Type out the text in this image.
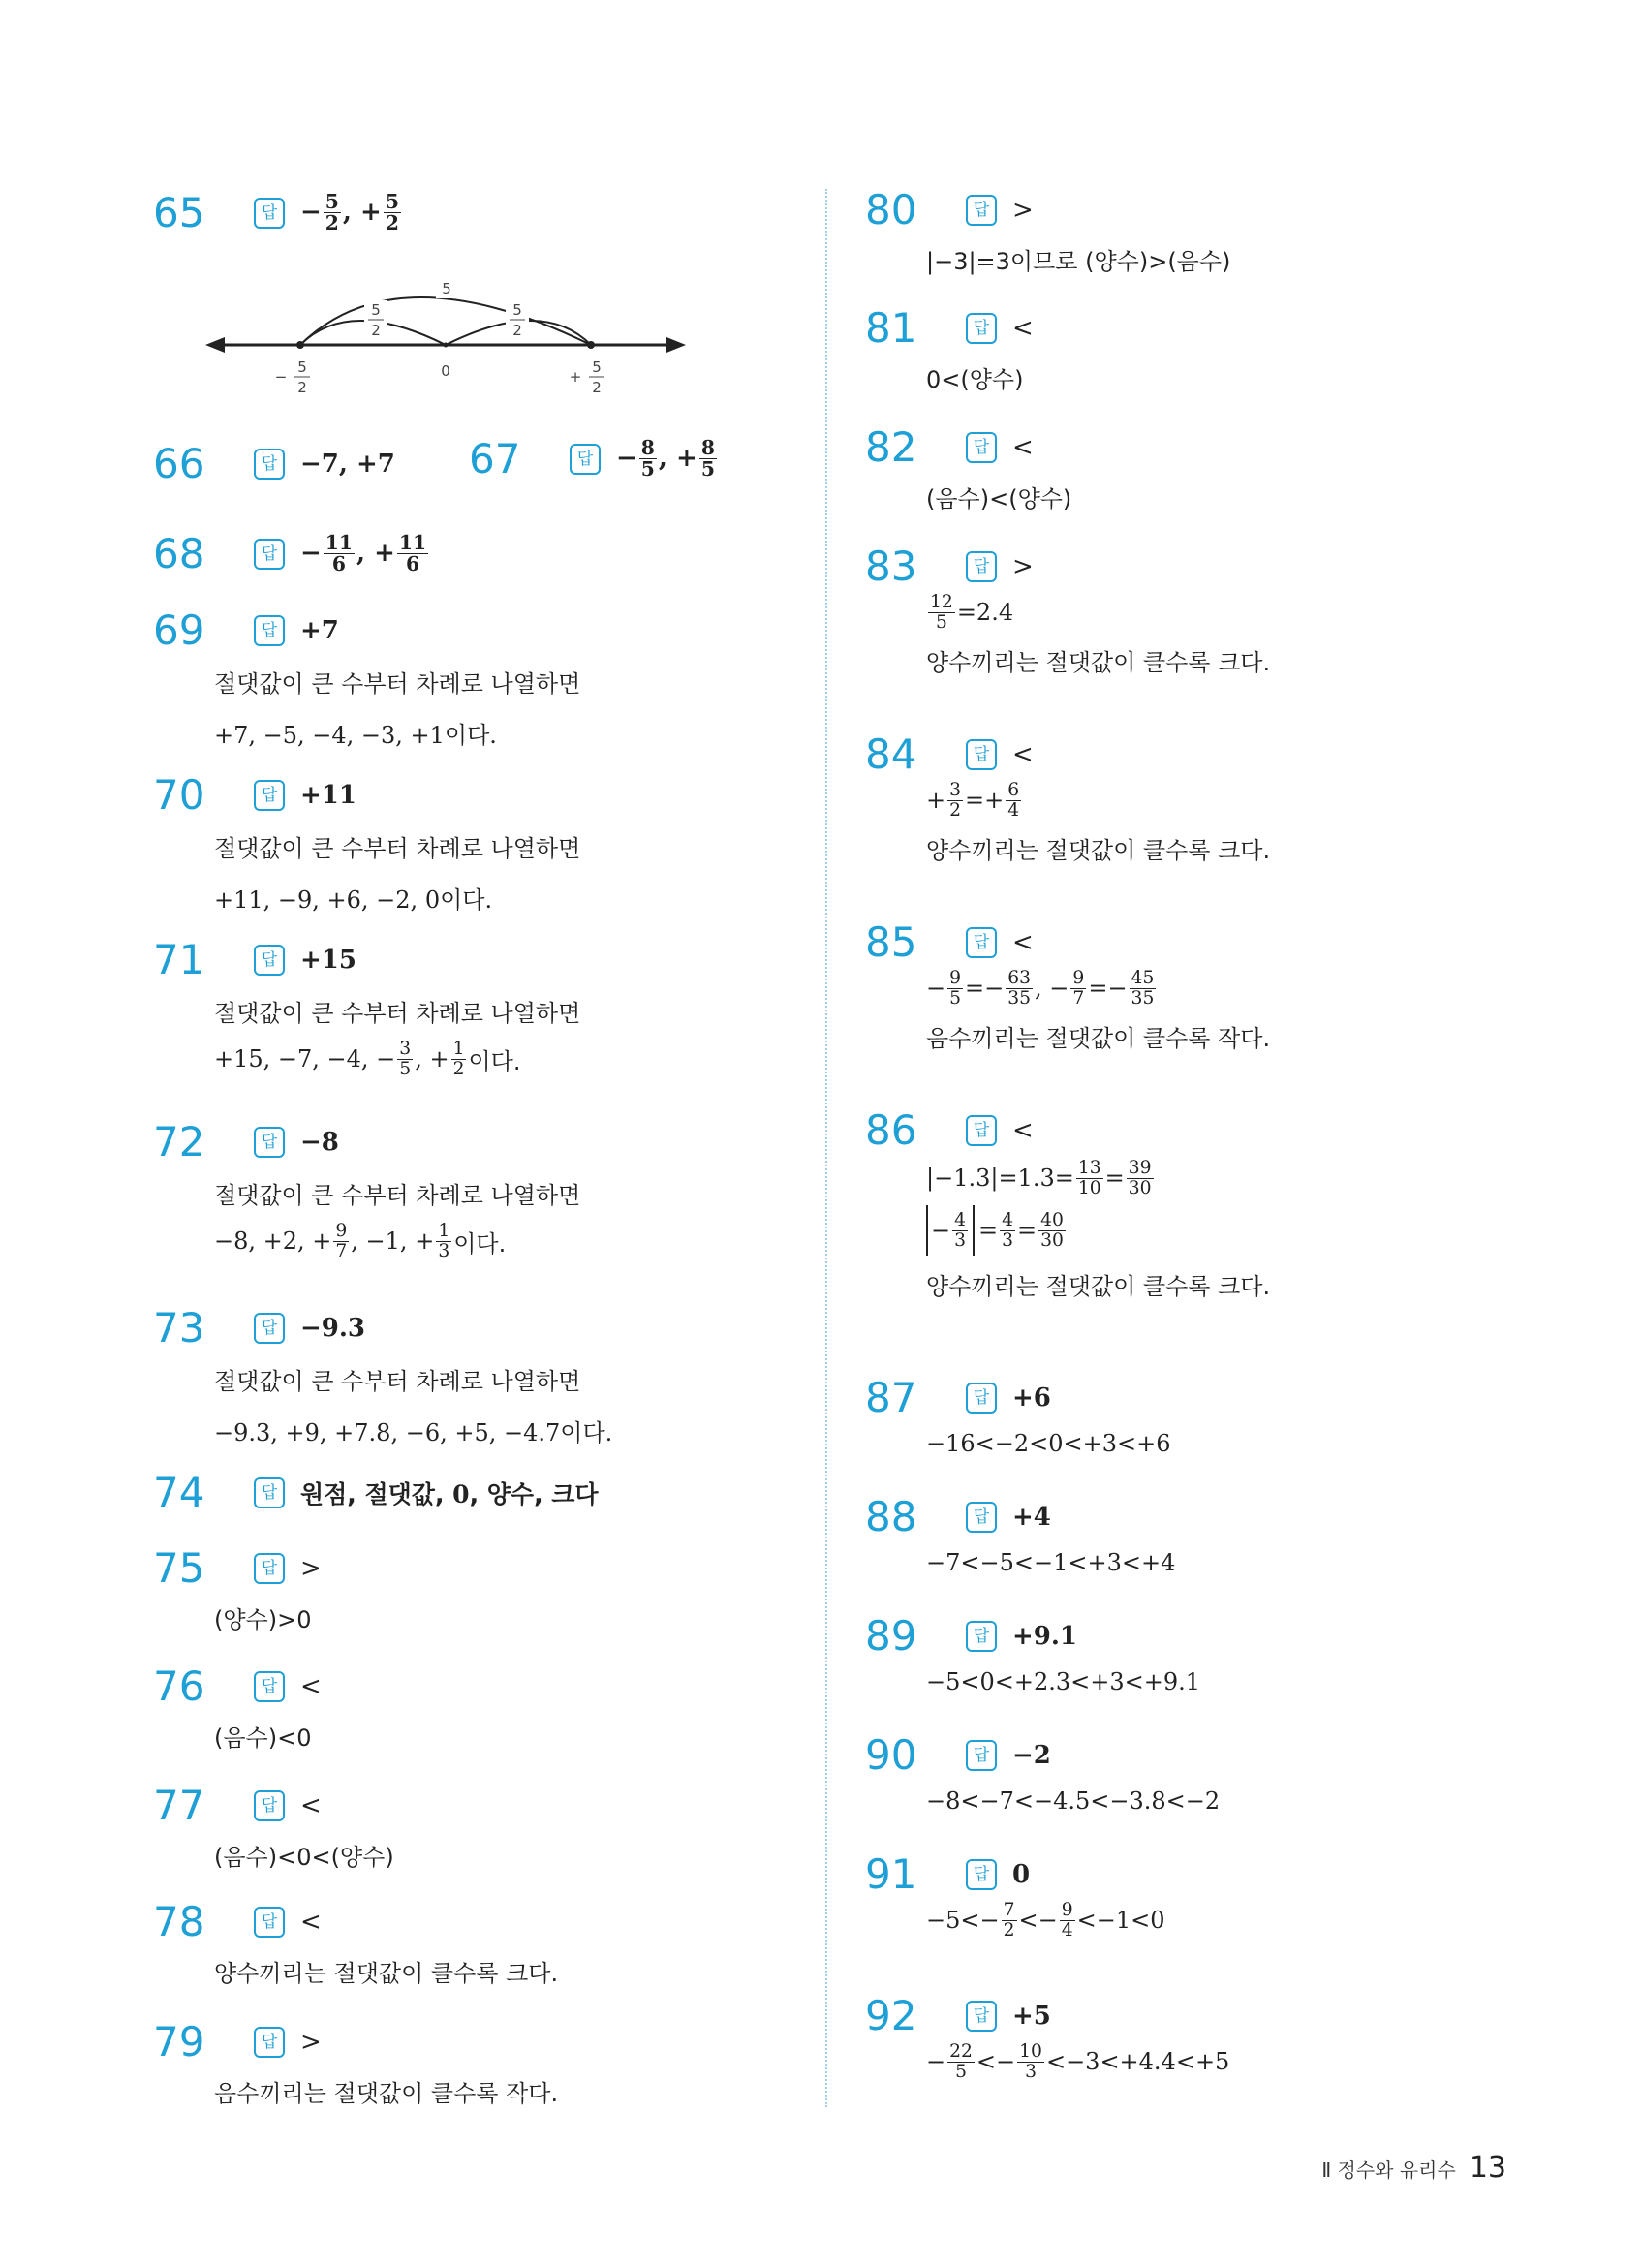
65	답 − $\frac{5}{2}$ , + $\frac{5}{2}$
5
5
2
5
2
−
5
2
0	+
5
2
66	답 −7, +7 67	답 − $\frac{8}{5}$ , + $\frac{8}{5}$
68	답 − $\frac{11}{6}$ , + $\frac{11}{6}$
69	답 +7
절댓값이 큰 수부터 차례로 나열하면
+7, −5, −4, −3, +1이다.
70	답 +11
절댓값이 큰 수부터 차례로 나열하면
+11, −9, +6, −2, 0이다.
71	답 +15
절댓값이 큰 수부터 차례로 나열하면
+15, −7, −4, − $\frac{3}{5}$ , + $\frac{1}{2}$ 이다.
72	답 −8
절댓값이 큰 수부터 차례로 나열하면
−8, +2, + $\frac{9}{7}$ , −1, + $\frac{1}{3}$ 이다.
73	답 −9.3
절댓값이 큰 수부터 차례로 나열하면
−9.3, +9, +7.8, −6, +5, −4.7이다.
74	답 원점, 절댓값, 0, 양수, 크다
75	답 >
(양수)>0
76	답 <
(음수)<0
77	답 <
(음수)<0<(양수)
78	답 <
양수끼리는 절댓값이 클수록 크다.
79	답 >
음수끼리는 절댓값이 클수록 작다.
80	답 >
|−3|=3이므로 (양수)>(음수)
81	답 <
0<(양수)
82	답 <
(음수)<(양수)
83	답 >
$\frac{12}{5} =2.4$
양수끼리는 절댓값이 클수록 크다.
84	답 <
+ $\frac{3}{2} =+ \frac{6}{4}$
양수끼리는 절댓값이 클수록 크다.
85	답 <
− $\frac{9}{5} =- \frac{63}{35}$ , − $\frac{9}{7} =- \frac{45}{35}$
음수끼리는 절댓값이 클수록 작다.
86	답 <
$|-1.3|=1.3= \frac{13}{10} = \frac{39}{30}$
− $\frac{4}{3} = \frac{4}{3} = \frac{40}{30}$
양수끼리는 절댓값이 클수록 크다.
87	답 +6
−16<−2<0<+3<+6
88	답 +4
−7<−5<−1<+3<+4
89	답 +9.1
−5<0<+2.3<+3<+9.1
90	답 −2
−8<−7<−4.5<−3.8<−2
91	답 0
$-5<- \frac{7}{2} <- \frac{9}{4} <-1<0$
92	답 +5
− $\frac{22}{5} <- \frac{10}{3} <-3<+4.4<+5$
Ⅱ 정수와 유리수 13
